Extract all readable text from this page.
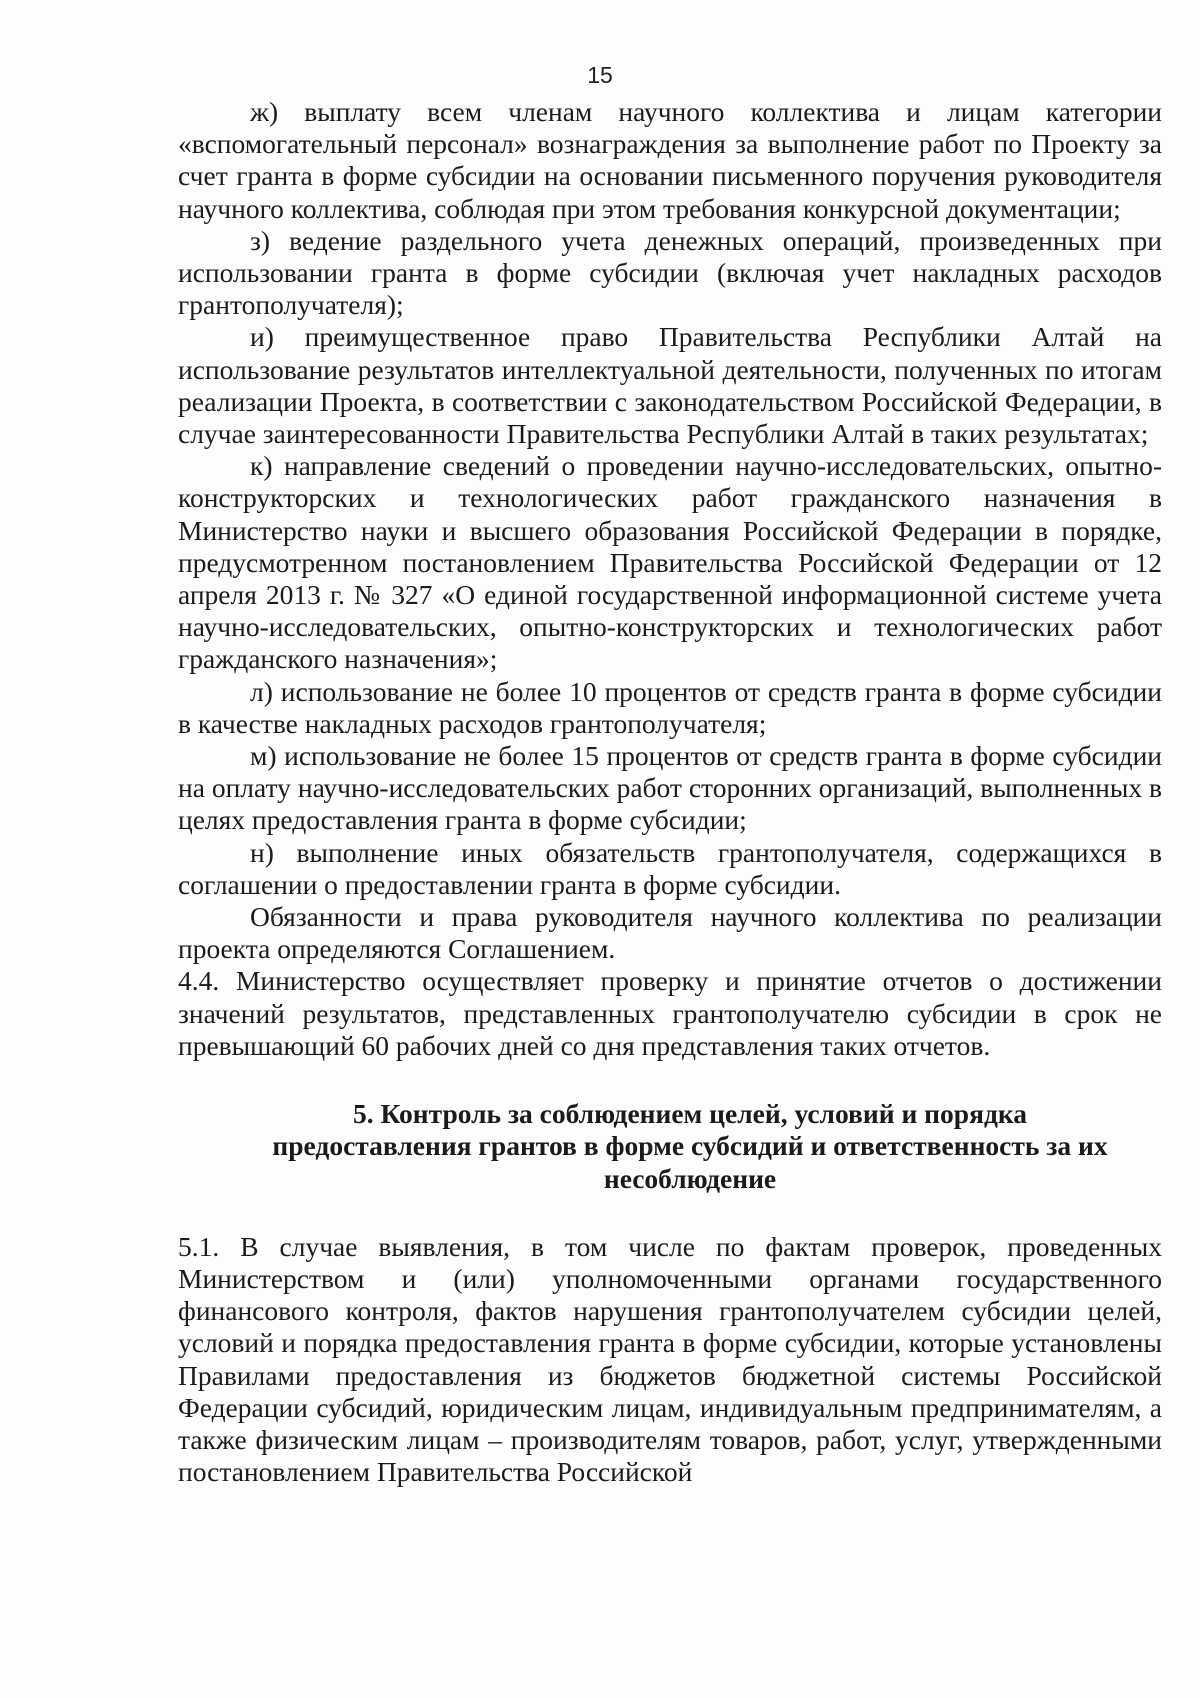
15

ж) выплату всем членам научного коллектива и лицам категории «вспомогательный персонал» вознаграждения за выполнение работ по Проекту за счет гранта в форме субсидии на основании письменного поручения руководителя научного коллектива, соблюдая при этом требования конкурсной документации;

з) ведение раздельного учета денежных операций, произведенных при использовании гранта в форме субсидии (включая учет накладных расходов грантополучателя);

и) преимущественное право Правительства Республики Алтай на использование результатов интеллектуальной деятельности, полученных по итогам реализации Проекта, в соответствии с законодательством Российской Федерации, в случае заинтересованности Правительства Республики Алтай в таких результатах;

к) направление сведений о проведении научно-исследовательских, опытно-конструкторских и технологических работ гражданского назначения в Министерство науки и высшего образования Российской Федерации в порядке, предусмотренном постановлением Правительства Российской Федерации от 12 апреля 2013 г. № 327 «О единой государственной информационной системе учета научно-исследовательских, опытно-конструкторских и технологических работ гражданского назначения»;

л) использование не более 10 процентов от средств гранта в форме субсидии в качестве накладных расходов грантополучателя;

м) использование не более 15 процентов от средств гранта в форме субсидии на оплату научно-исследовательских работ сторонних организаций, выполненных в целях предоставления гранта в форме субсидии;

н) выполнение иных обязательств грантополучателя, содержащихся в соглашении о предоставлении гранта в форме субсидии.

Обязанности и права руководителя научного коллектива по реализации проекта определяются Соглашением.

4.4. Министерство осуществляет проверку и принятие отчетов о достижении значений результатов, представленных грантополучателю субсидии в срок не превышающий 60 рабочих дней со дня представления таких отчетов.

5. Контроль за соблюдением целей, условий и порядка
предоставления грантов в форме субсидий и ответственность за их
несоблюдение

5.1. В случае выявления, в том числе по фактам проверок, проведенных Министерством и (или) уполномоченными органами государственного финансового контроля, фактов нарушения грантополучателем субсидии целей, условий и порядка предоставления гранта в форме субсидии, которые установлены Правилами предоставления из бюджетов бюджетной системы Российской Федерации субсидий, юридическим лицам, индивидуальным предпринимателям, а также физическим лицам – производителям товаров, работ, услуг, утвержденными постановлением Правительства Российской
